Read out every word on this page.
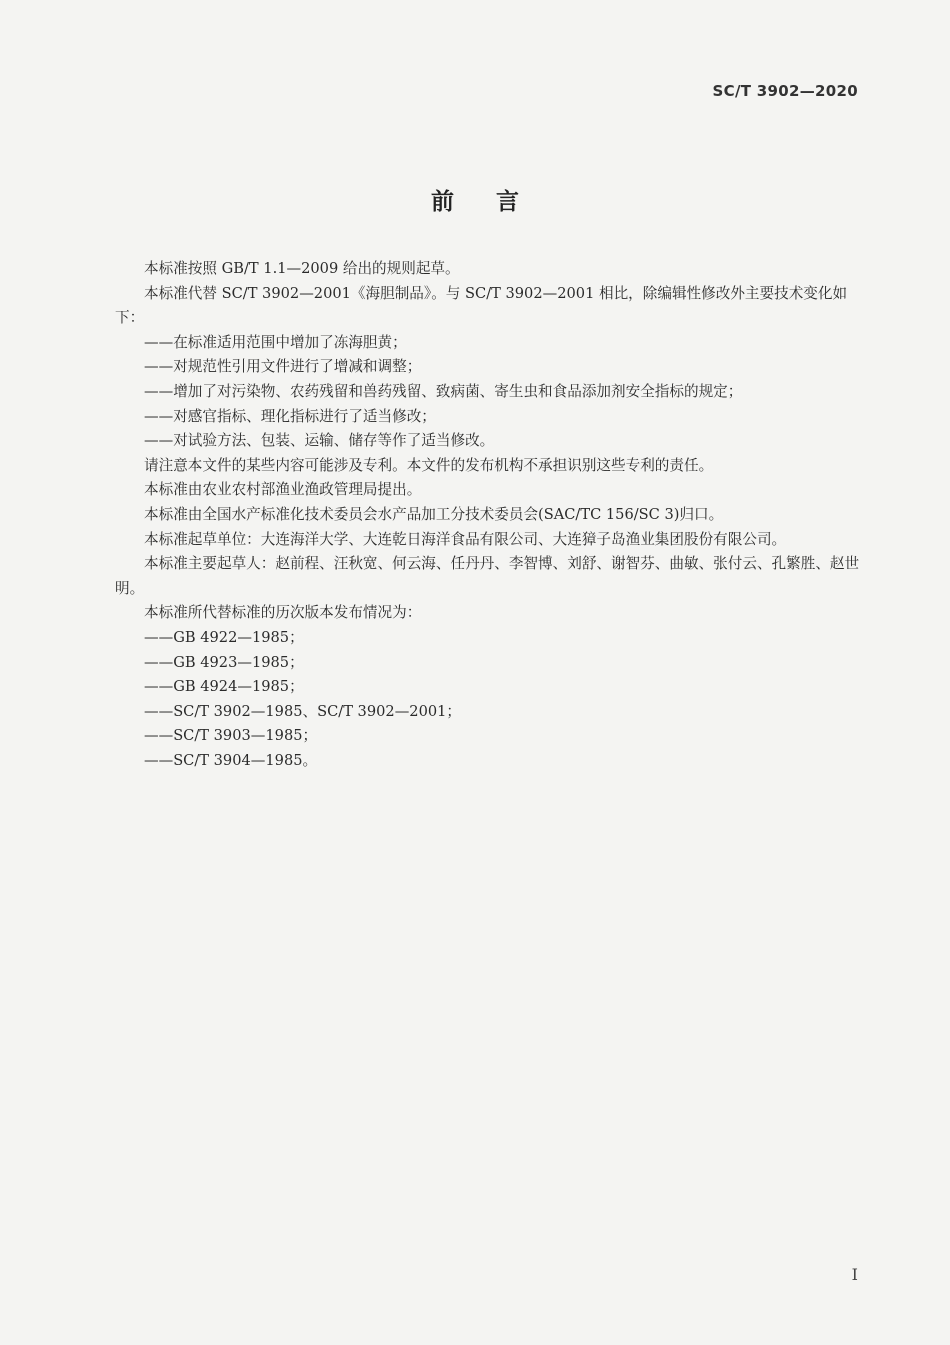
SC/T 3902—2020
前言

本标准按照 GB/T 1.1—2009 给出的规则起草。

本标准代替 SC/T 3902—2001《海胆制品》。与 SC/T 3902—2001 相比，除编辑性修改外主要技术变化如下：

——在标准适用范围中增加了冻海胆黄；

——对规范性引用文件进行了增减和调整；

——增加了对污染物、农药残留和兽药残留、致病菌、寄生虫和食品添加剂安全指标的规定；

——对感官指标、理化指标进行了适当修改；

——对试验方法、包装、运输、储存等作了适当修改。

请注意本文件的某些内容可能涉及专利。本文件的发布机构不承担识别这些专利的责任。

本标准由农业农村部渔业渔政管理局提出。

本标准由全国水产标准化技术委员会水产品加工分技术委员会(SAC/TC 156/SC 3)归口。

本标准起草单位：大连海洋大学、大连乾日海洋食品有限公司、大连獐子岛渔业集团股份有限公司。

本标准主要起草人：赵前程、汪秋宽、何云海、任丹丹、李智博、刘舒、谢智芬、曲敏、张付云、孔繁胜、赵世明。

本标准所代替标准的历次版本发布情况为：

——GB 4922—1985；

——GB 4923—1985；

——GB 4924—1985；

——SC/T 3902—1985、SC/T 3902—2001；

——SC/T 3903—1985；

——SC/T 3904—1985。

I
